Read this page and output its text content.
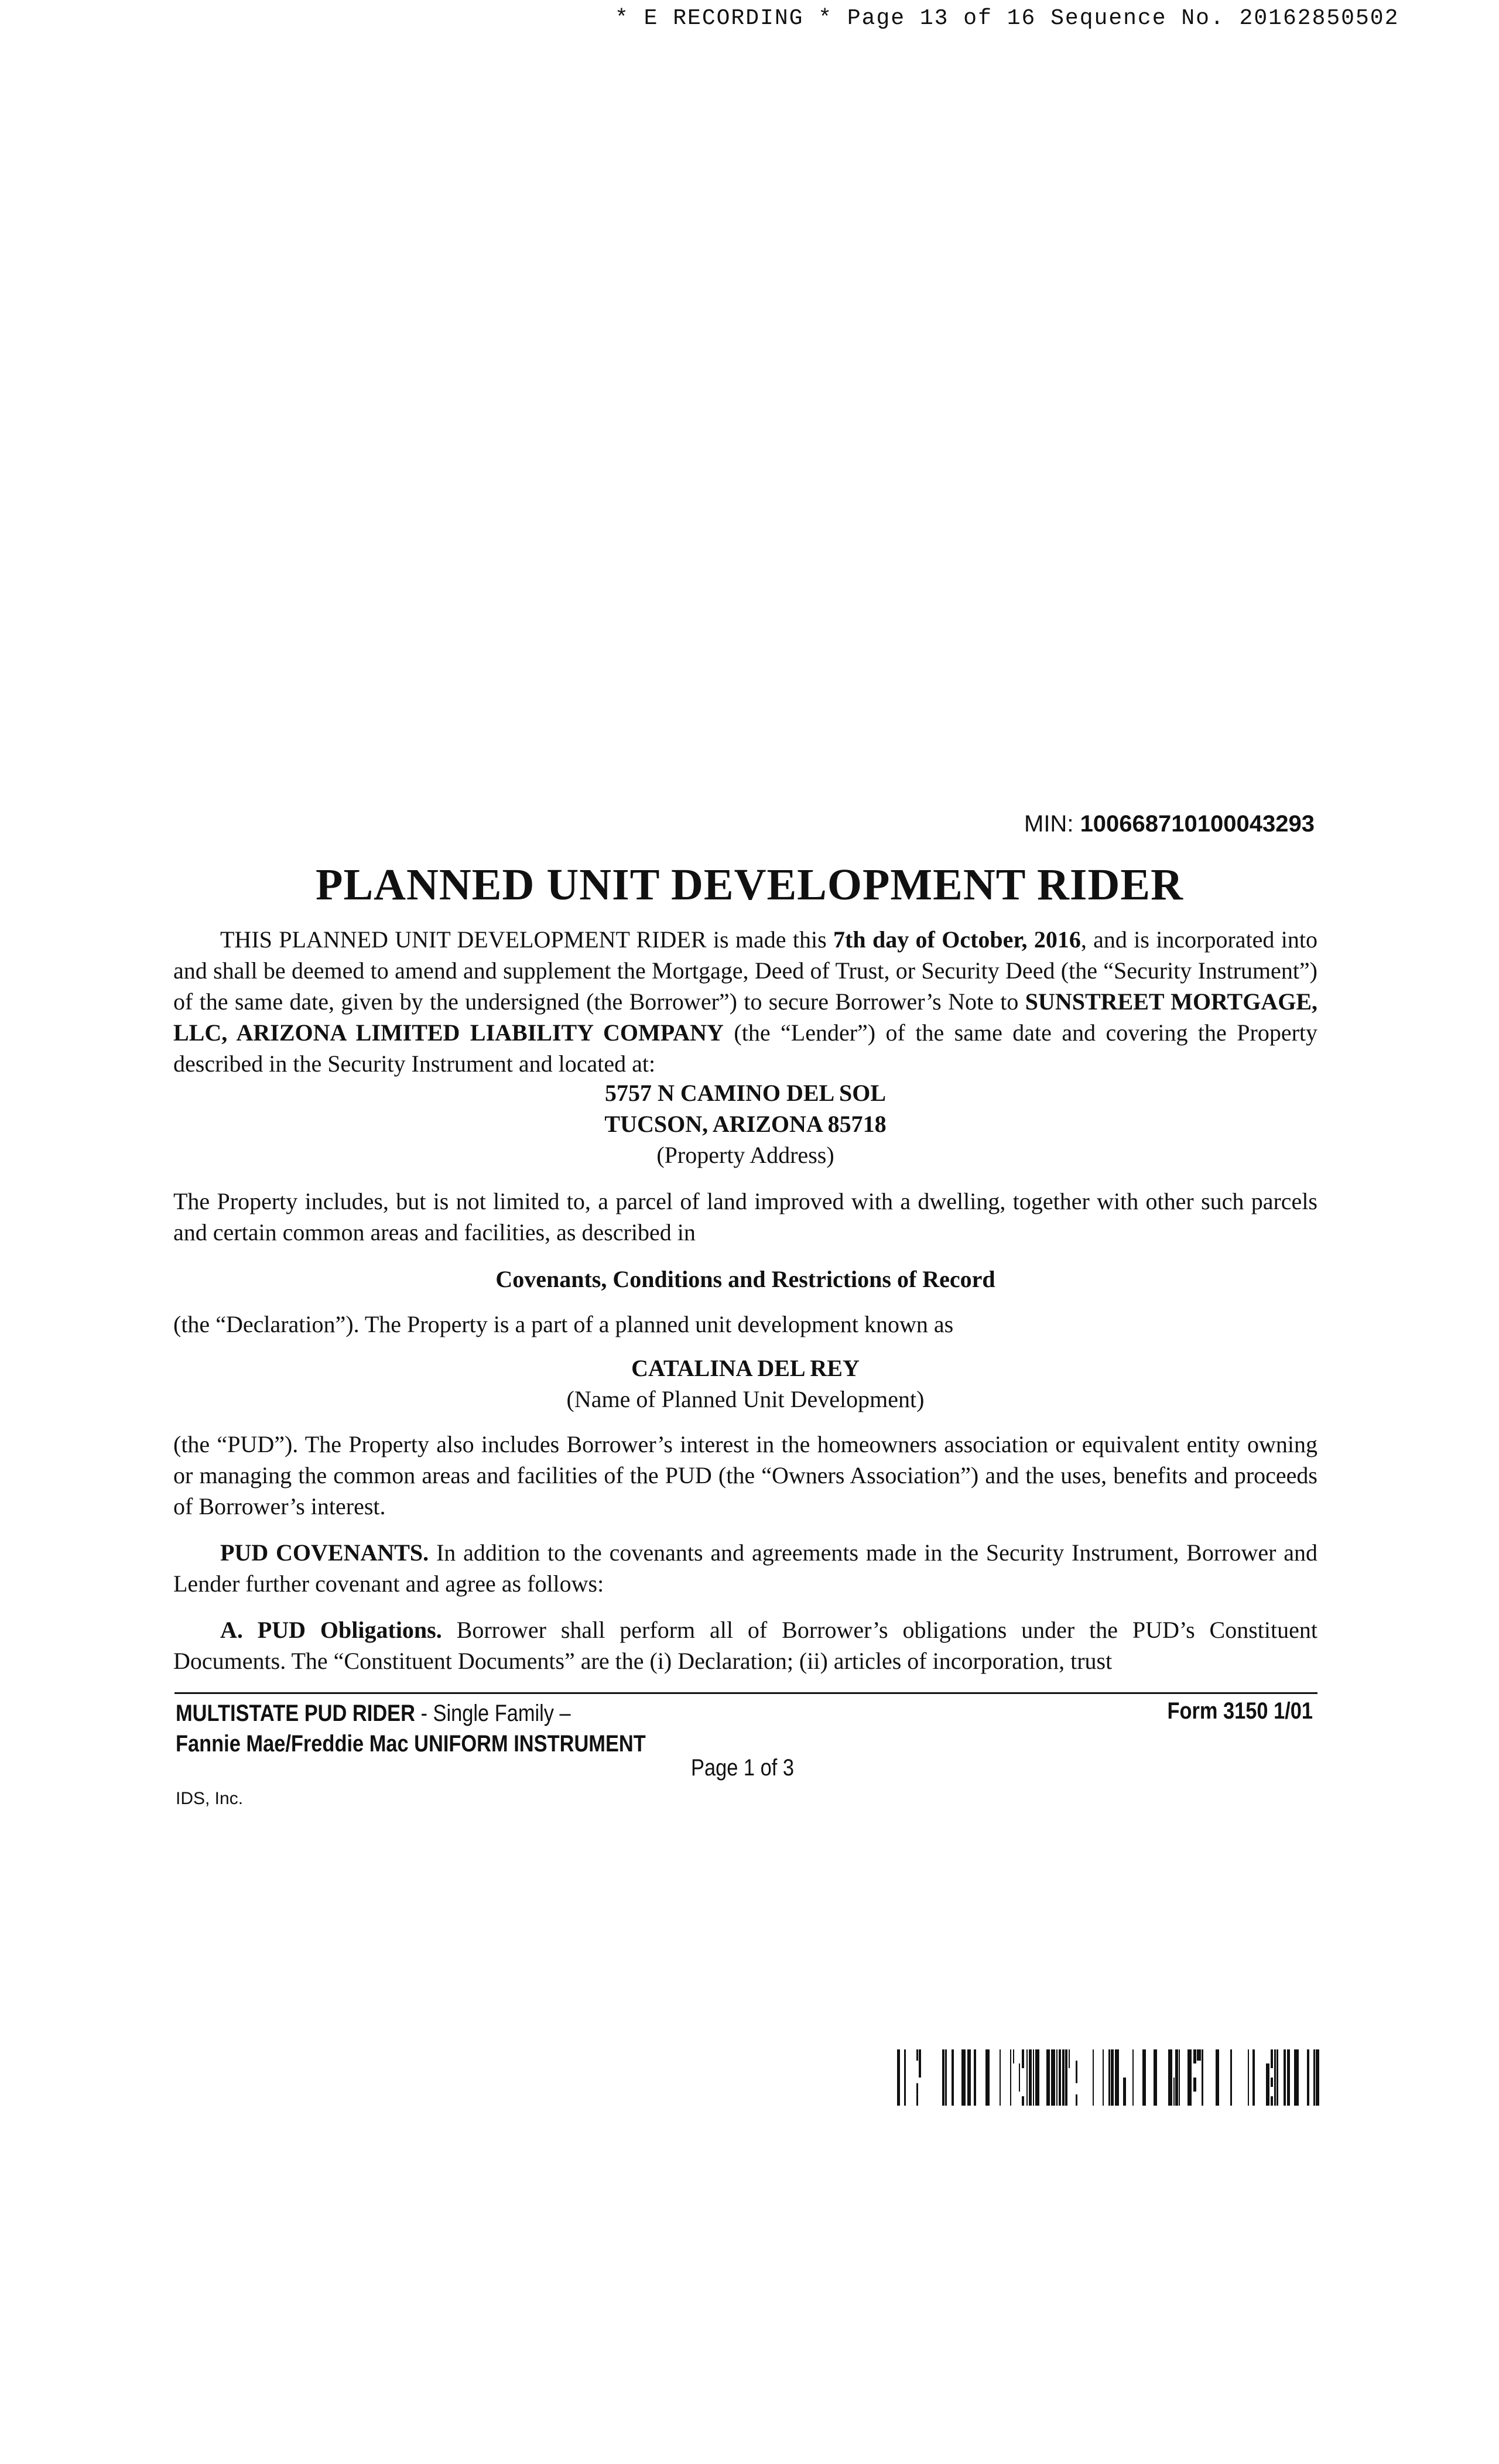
* E RECORDING * Page 13 of 16 Sequence No. 20162850502
MIN: 100668710100043293
PLANNED UNIT DEVELOPMENT RIDER
THIS PLANNED UNIT DEVELOPMENT RIDER is made this 7th day of October, 2016, and is incorporated into and shall be deemed to amend and supplement the Mortgage, Deed of Trust, or Security Deed (the “Security Instrument”) of the same date, given by the undersigned (the Borrower”) to secure Borrower’s Note to SUNSTREET MORTGAGE, LLC, ARIZONA LIMITED LIABILITY COMPANY (the “Lender”) of the same date and covering the Property described in the Security Instrument and located at:
5757 N CAMINO DEL SOL
TUCSON, ARIZONA 85718
(Property Address)
The Property includes, but is not limited to, a parcel of land improved with a dwelling, together with other such parcels and certain common areas and facilities, as described in
Covenants, Conditions and Restrictions of Record
(the “Declaration”). The Property is a part of a planned unit development known as
CATALINA DEL REY
(Name of Planned Unit Development)
(the “PUD”). The Property also includes Borrower’s interest in the homeowners association or equivalent entity owning or managing the common areas and facilities of the PUD (the “Owners Association”) and the uses, benefits and proceeds of Borrower’s interest.
PUD COVENANTS. In addition to the covenants and agreements made in the Security Instrument, Borrower and Lender further covenant and agree as follows:
A. PUD Obligations. Borrower shall perform all of Borrower’s obligations under the PUD’s Constituent Documents. The “Constituent Documents” are the (i) Declaration; (ii) articles of incorporation, trust
MULTISTATE PUD RIDER - Single Family –
Fannie Mae/Freddie Mac UNIFORM INSTRUMENT
Form 3150 1/01
Page 1 of 3
IDS, Inc.
